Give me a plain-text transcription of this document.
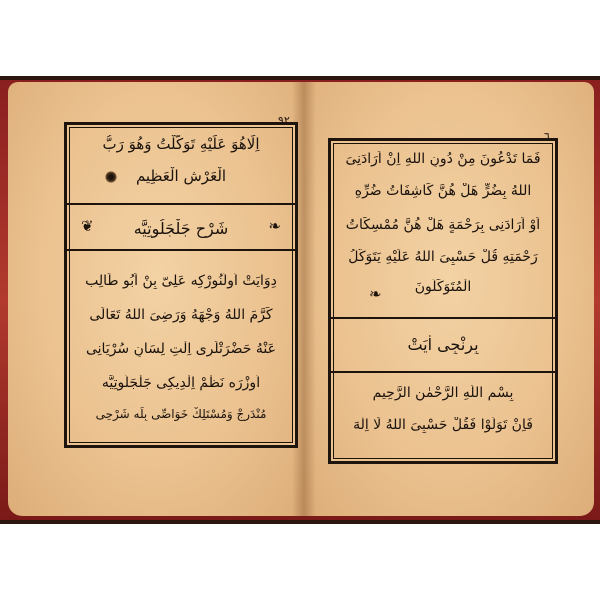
٩٢
اِلَاهُوَ عَلَيْهِ تَوَكَّلْتُ وَهُوَ رَبُّ
الْعَرْشِ الْعَظِيمِ
❦	شَرْحِ جَلْجَلُوتِيَّه	❧
دِوَايَتْ اُولُنُورْكِه عَلِىّ بِنْ اَبُو طَالِب
كَرَّمَ اللهُ وَجْهَهُ وَرَضِىَ اللهُ تَعَالَى
عَنْهُ حَضْرَتْلَرِى اِلْتِ لِسَانِ سُرْيَانِى
اُوزْرَه نَظْمْ اِلْدِيكِى جَلْجَلُوتِيَّه
مُنْدَرِجْ وَمُسْتَلِكْ خَوَاصِّى بِلَه شَرْحِى
٦
فَمَا تَدْعُونَ مِنْ دُونِ اللهِ اِنْ اَرَادَنِىَ
اللهُ بِضُرٍّ هَلْ هُنَّ كَاشِفَاتُ ضُرِّهِ
اَوْ اَرَادَنِى بِرَحْمَةٍ هَلْ هُنَّ مُمْسِكَاتُ
رَحْمَتِهِ قُلْ حَسْبِىَ اللهُ عَلَيْهِ يَتَوَكَّلُ
الْمُتَوَكِّلُونَ
❧
بِرِنْجِى اٰيَتْ
بِسْمِ اللّٰهِ الرَّحْمٰنِ الرَّحِيمِ
فَاِنْ تَوَلَّوْا فَقُلْ حَسْبِىَ اللهُ لَا اِلٰهَ
